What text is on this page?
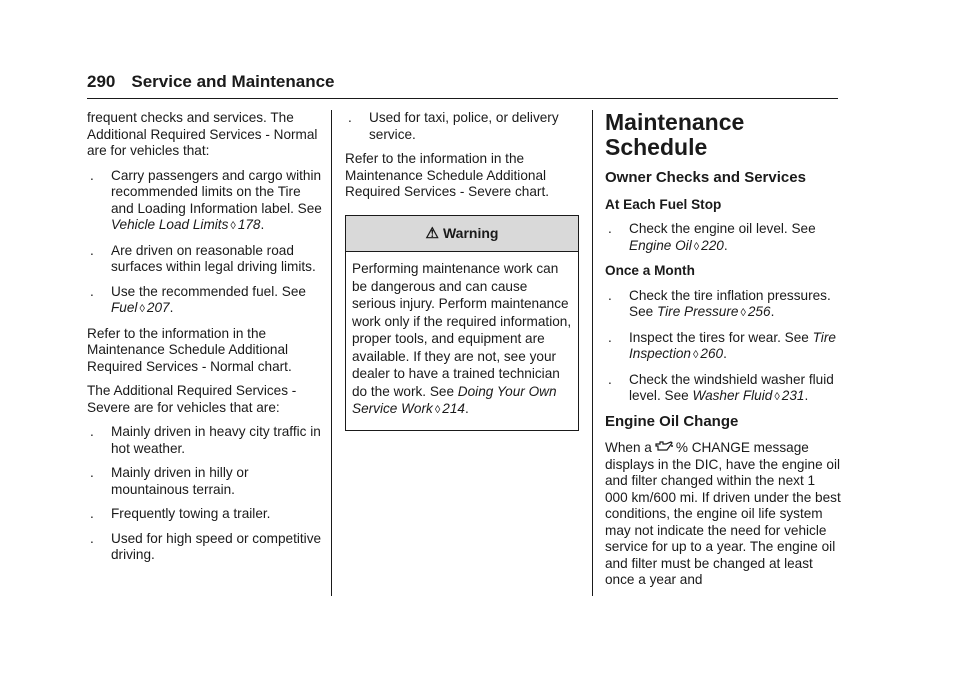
290 Service and Maintenance

frequent checks and services. The Additional Required Services - Normal are for vehicles that:

.	Carry passengers and cargo within recommended limits on the Tire and Loading Information label. See Vehicle Load Limits ◊ 178.
.	Are driven on reasonable road surfaces within legal driving limits.
.	Use the recommended fuel. See Fuel ◊ 207.

Refer to the information in the Maintenance Schedule Additional Required Services - Normal chart.

The Additional Required Services - Severe are for vehicles that are:

.	Mainly driven in heavy city traffic in hot weather.
.	Mainly driven in hilly or mountainous terrain.
.	Frequently towing a trailer.
.	Used for high speed or competitive driving.
.	Used for taxi, police, or delivery service.

Refer to the information in the Maintenance Schedule Additional Required Services - Severe chart.

⚠ Warning
Performing maintenance work can be dangerous and can cause serious injury. Perform maintenance work only if the required information, proper tools, and equipment are available. If they are not, see your dealer to have a trained technician do the work. See Doing Your Own Service Work ◊ 214.
Maintenance Schedule
Owner Checks and Services
At Each Fuel Stop
.	Check the engine oil level. See Engine Oil ◊ 220.
Once a Month
.	Check the tire inflation pressures. See Tire Pressure ◊ 256.
.	Inspect the tires for wear. See Tire Inspection ◊ 260.
.	Check the windshield washer fluid level. See Washer Fluid ◊ 231.
Engine Oil Change

When a % CHANGE message

displays in the DIC, have the engine oil and filter changed within the next 1 000 km/600 mi. If driven under the best conditions, the engine oil life system may not indicate the need for vehicle service for up to a year. The engine oil and filter must be changed at least once a year and
